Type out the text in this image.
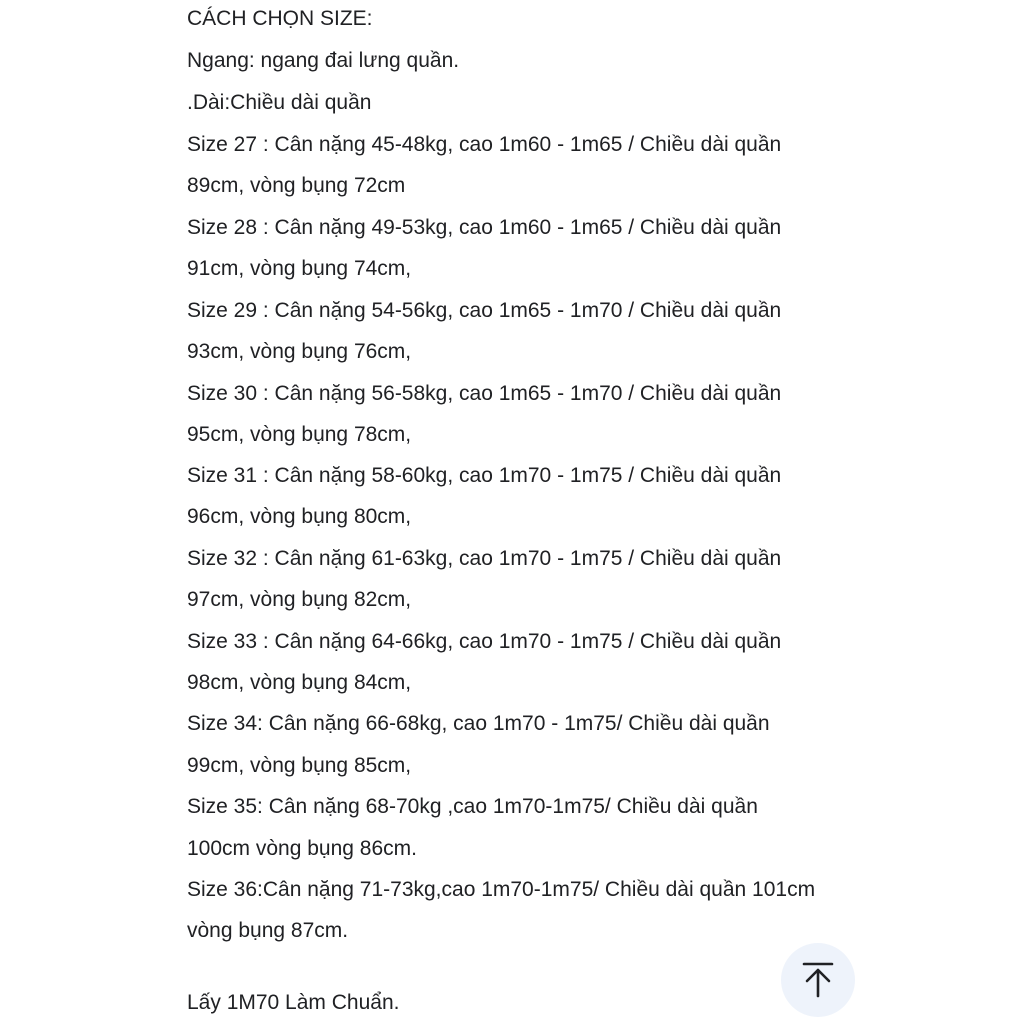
CÁCH CHỌN SIZE:
Ngang: ngang đai lưng quần.
.Dài:Chiều dài quần
Size 27 : Cân nặng 45-48kg, cao 1m60 - 1m65 / Chiều dài quần
89cm, vòng bụng 72cm
Size 28 : Cân nặng 49-53kg, cao 1m60 - 1m65 / Chiều dài quần
91cm, vòng bụng 74cm,
Size 29 : Cân nặng 54-56kg, cao 1m65 - 1m70 / Chiều dài quần
93cm, vòng bụng 76cm,
Size 30 : Cân nặng 56-58kg, cao 1m65 - 1m70 / Chiều dài quần
95cm, vòng bụng 78cm,
Size 31 : Cân nặng 58-60kg, cao 1m70 - 1m75 / Chiều dài quần
96cm, vòng bụng 80cm,
Size 32 : Cân nặng 61-63kg, cao 1m70 - 1m75 / Chiều dài quần
97cm, vòng bụng 82cm,
Size 33 : Cân nặng 64-66kg, cao 1m70 - 1m75 / Chiều dài quần
98cm, vòng bụng 84cm,
Size 34: Cân nặng 66-68kg, cao 1m70 - 1m75/ Chiều dài quần
99cm, vòng bụng 85cm,
Size 35: Cân nặng 68-70kg ,cao 1m70-1m75/ Chiều dài quần
100cm vòng bụng 86cm.
Size 36:Cân nặng 71-73kg,cao 1m70-1m75/ Chiều dài quần 101cm
vòng bụng 87cm.
Lấy 1M70 Làm Chuẩn.
